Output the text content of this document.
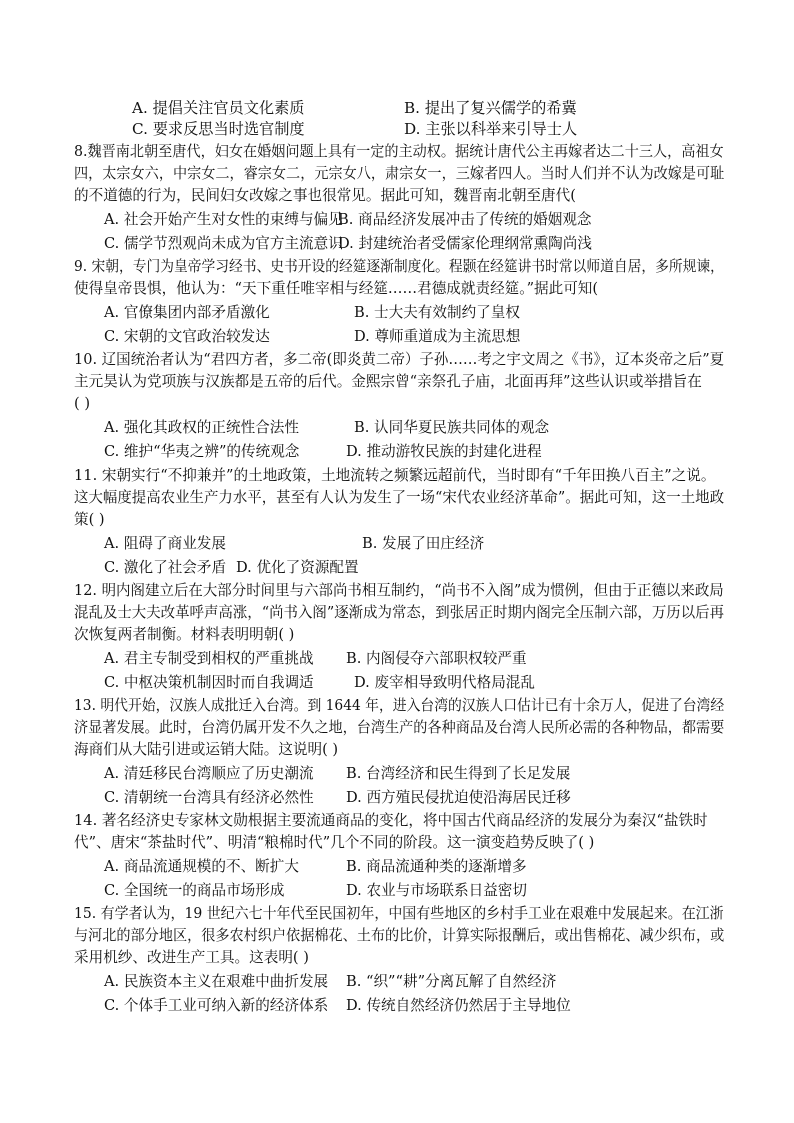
A. 提倡关注官员文化素质	B. 提出了复兴儒学的希冀
C. 要求反思当时选官制度	D. 主张以科举来引导士人
8.魏晋南北朝至唐代，妇女在婚姻问题上具有一定的主动权。据统计唐代公主再嫁者达二十三人，高祖女
四，太宗女六，中宗女二，睿宗女二，元宗女八，肃宗女一，三嫁者四人。当时人们并不认为改嫁是可耻
的不道德的行为，民间妇女改嫁之事也很常见。据此可知，魏晋南北朝至唐代(
A. 社会开始产生对女性的束缚与偏见
B. 商品经济发展冲击了传统的婚姻观念
C. 儒学节烈观尚未成为官方主流意识
D. 封建统治者受儒家伦理纲常熏陶尚浅
9. 宋朝，专门为皇帝学习经书、史书开设的经筵逐渐制度化。程颢在经筵讲书时常以师道自居，多所规谏，
使得皇帝畏惧，他认为：“天下重任唯宰相与经筵……君德成就责经筵。”据此可知(
A. 官僚集团内部矛盾激化	B. 士大夫有效制约了皇权
C. 宋朝的文官政治较发达	D. 尊师重道成为主流思想
10. 辽国统治者认为“君四方者，多二帝(即炎黄二帝）子孙……考之宇文周之《书》，辽本炎帝之后”夏
主元昊认为党项族与汉族都是五帝的后代。金熙宗曾“亲祭孔子庙，北面再拜”这些认识或举措旨在
( )
A. 强化其政权的正统性合法性	B. 认同华夏民族共同体的观念
C. 维护“华夷之辨”的传统观念	D. 推动游牧民族的封建化进程
11. 宋朝实行“不抑兼并”的土地政策，土地流转之频繁远超前代，当时即有“千年田换八百主”之说。
这大幅度提高农业生产力水平，甚至有人认为发生了一场“宋代农业经济革命”。据此可知，这一土地政
策( )
A. 阻碍了商业发展	B. 发展了田庄经济
C. 激化了社会矛盾 D. 优化了资源配置
12. 明内阁建立后在大部分时间里与六部尚书相互制约，“尚书不入阁”成为惯例，但由于正德以来政局
混乱及士大夫改革呼声高涨，“尚书入阁”逐渐成为常态，到张居正时期内阁完全压制六部，万历以后再
次恢复两者制衡。材料表明明朝( )
A. 君主专制受到相权的严重挑战 B. 内阁侵夺六部职权较严重
C. 中枢决策机制因时而自我调适	D. 废宰相导致明代格局混乱
13. 明代开始，汉族人成批迁入台湾。到 1644 年，进入台湾的汉族人口估计已有十余万人，促进了台湾经
济显著发展。此时，台湾仍属开发不久之地，台湾生产的各种商品及台湾人民所必需的各种物品，都需要
海商们从大陆引进或运销大陆。这说明( )
A. 清廷移民台湾顺应了历史潮流 B. 台湾经济和民生得到了长足发展
C. 清朝统一台湾具有经济必然性 D. 西方殖民侵扰迫使沿海居民迁移
14. 著名经济史专家林文勋根据主要流通商品的变化，将中国古代商品经济的发展分为秦汉“盐铁时
代”、唐宋“茶盐时代”、明清“粮棉时代”几个不同的阶段。这一演变趋势反映了( )
A. 商品流通规模的不、断扩大	B. 商品流通种类的逐渐增多
C. 全国统一的商品市场形成	D. 农业与市场联系日益密切
15. 有学者认为，19 世纪六七十年代至民国初年，中国有些地区的乡村手工业在艰难中发展起来。在江浙
与河北的部分地区，很多农村织户依据棉花、土布的比价，计算实际报酬后，或出售棉花、减少织布，或
采用机纱、改进生产工具。这表明( )
A. 民族资本主义在艰难中曲折发展 B. “织”“耕”分离瓦解了自然经济
C. 个体手工业可纳入新的经济体系 D. 传统自然经济仍然居于主导地位
